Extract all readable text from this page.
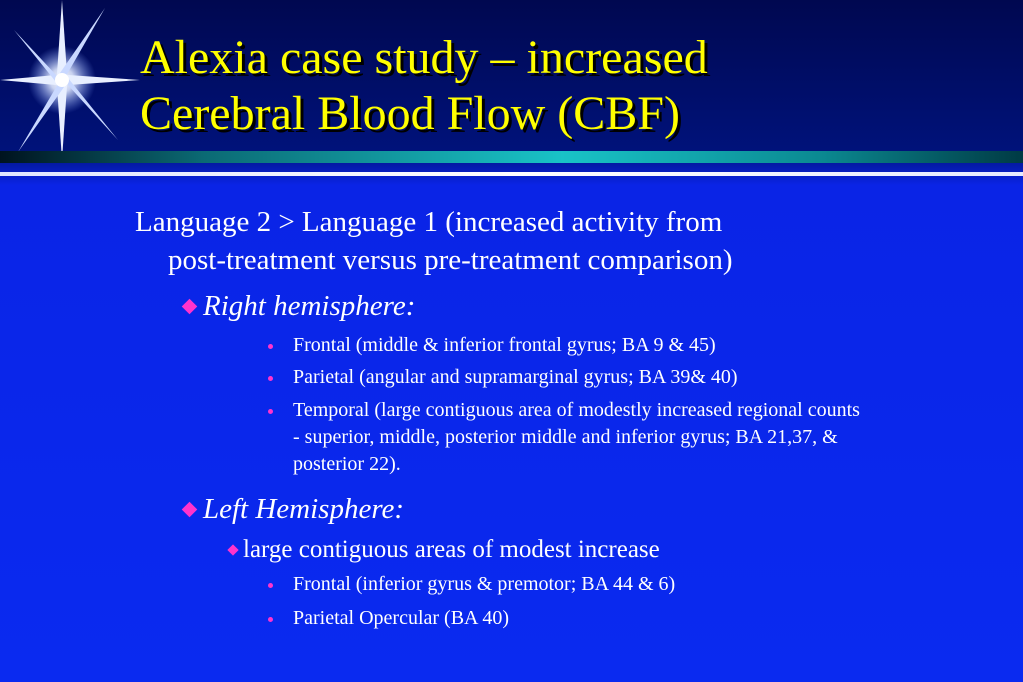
Alexia case study – increased
Cerebral Blood Flow (CBF)
Language 2 > Language 1 (increased activity from
post-treatment versus pre-treatment comparison)
Right hemisphere:
Frontal (middle & inferior frontal gyrus; BA 9 & 45)
Parietal (angular and supramarginal gyrus; BA 39& 40)
Temporal (large contiguous area of modestly increased regional counts - superior, middle, posterior middle and inferior gyrus; BA 21,37, & posterior 22).
Left Hemisphere:
large contiguous areas of modest increase
Frontal (inferior gyrus & premotor; BA 44 & 6)
Parietal Opercular (BA 40)
